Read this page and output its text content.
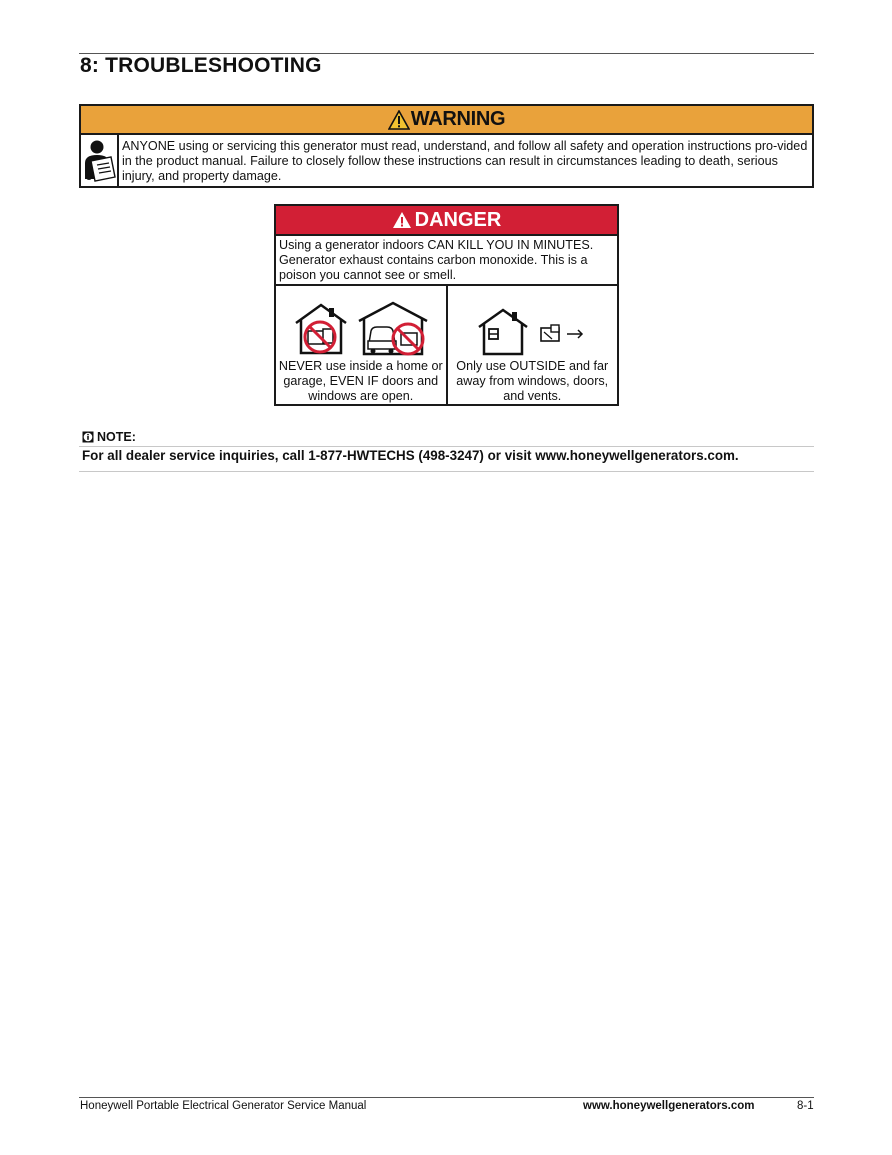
8: TROUBLESHOOTING
WARNING
ANYONE using or servicing this generator must read, understand, and follow all safety and operation instructions pro-vided in the product manual. Failure to closely follow these instructions can result in circumstances leading to death, serious injury, and property damage.
DANGER
Using a generator indoors CAN KILL YOU IN MINUTES. Generator exhaust contains carbon monoxide. This is a poison you cannot see or smell.
NEVER use inside a home or garage, EVEN IF doors and windows are open.
Only use OUTSIDE and far away from windows, doors, and vents.
NOTE:
For all dealer service inquiries, call 1-877-HWTECHS (498-3247) or visit www.honeywellgenerators.com.
Honeywell Portable Electrical Generator Service Manual	www.honeywellgenerators.com	8-1
